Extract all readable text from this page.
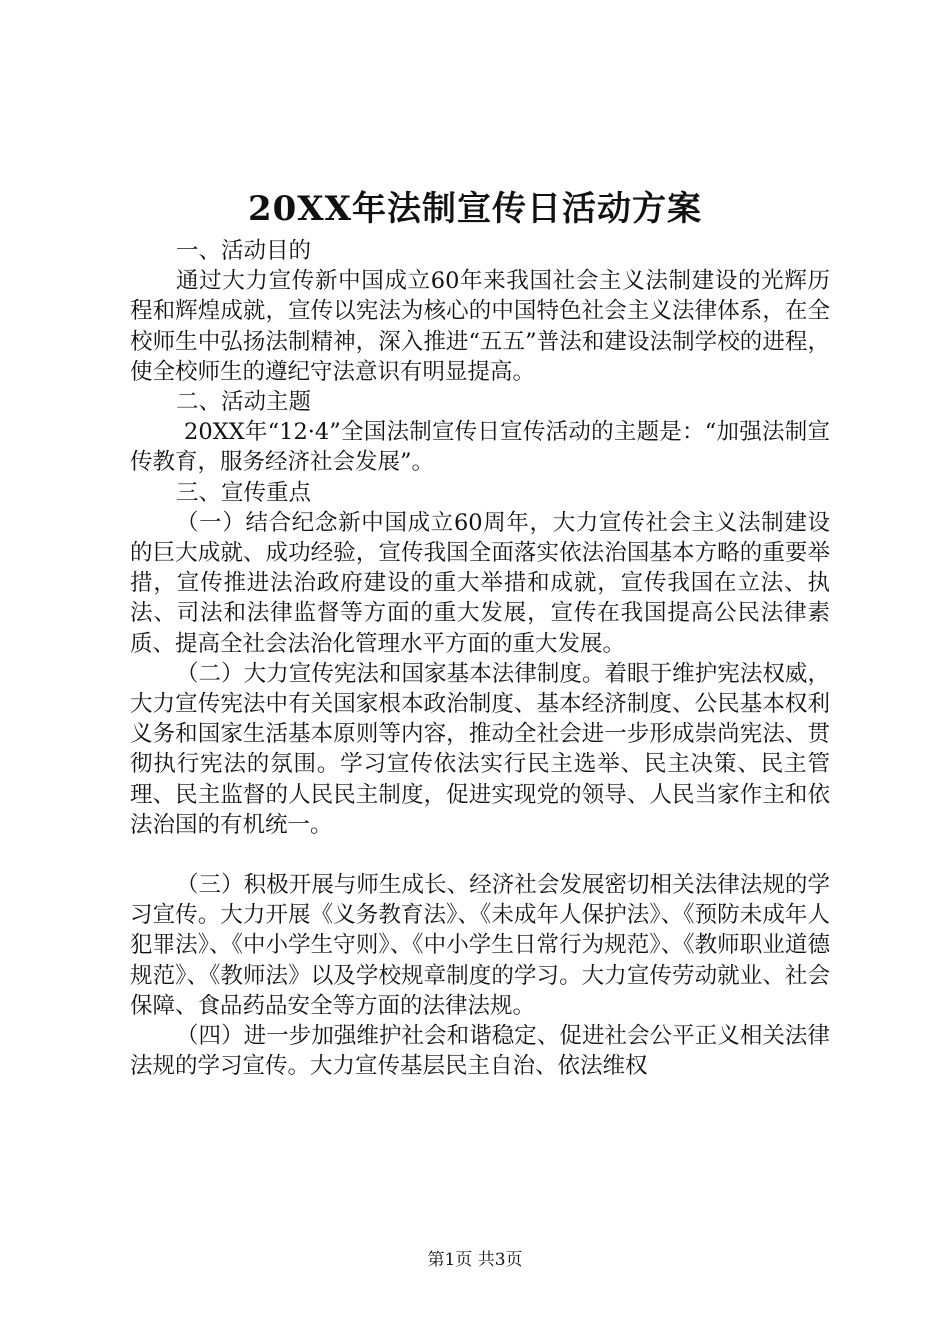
20XX年法制宣传日活动方案

一、活动目的

通过大力宣传新中国成立60年来我国社会主义法制建设的光辉历程和辉煌成就，宣传以宪法为核心的中国特色社会主义法律体系，在全校师生中弘扬法制精神，深入推进“五五”普法和建设法制学校的进程，使全校师生的遵纪守法意识有明显提高。

二、活动主题

20XX年“12·4”全国法制宣传日宣传活动的主题是：“加强法制宣传教育，服务经济社会发展”。

三、宣传重点

（一）结合纪念新中国成立60周年，大力宣传社会主义法制建设的巨大成就、成功经验，宣传我国全面落实依法治国基本方略的重要举措，宣传推进法治政府建设的重大举措和成就，宣传我国在立法、执法、司法和法律监督等方面的重大发展，宣传在我国提高公民法律素质、提高全社会法治化管理水平方面的重大发展。

（二）大力宣传宪法和国家基本法律制度。着眼于维护宪法权威，大力宣传宪法中有关国家根本政治制度、基本经济制度、公民基本权利义务和国家生活基本原则等内容，推动全社会进一步形成崇尚宪法、贯彻执行宪法的氛围。学习宣传依法实行民主选举、民主决策、民主管理、民主监督的人民民主制度，促进实现党的领导、人民当家作主和依法治国的有机统一。

（三）积极开展与师生成长、经济社会发展密切相关法律法规的学习宣传。大力开展《义务教育法》、《未成年人保护法》、《预防未成年人犯罪法》、《中小学生守则》、《中小学生日常行为规范》、《教师职业道德规范》、《教师法》以及学校规章制度的学习。大力宣传劳动就业、社会保障、食品药品安全等方面的法律法规。

（四）进一步加强维护社会和谐稳定、促进社会公平正义相关法律法规的学习宣传。大力宣传基层民主自治、依法维权

第1页 共3页
